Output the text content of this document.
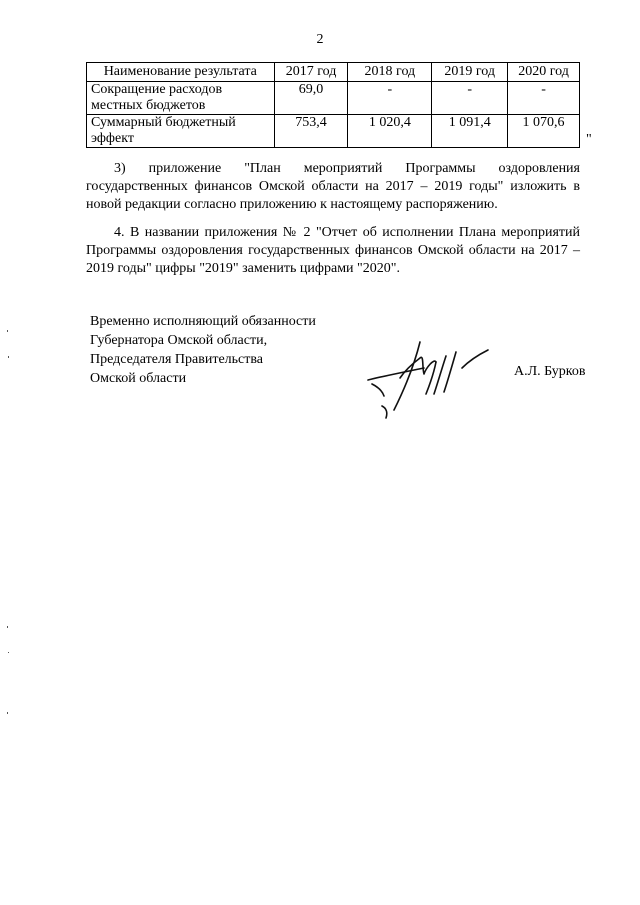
2
Наименование результата	2017 год	2018 год	2019 год	2020 год
Сокращение расходов местных бюджетов	69,0	-	-	-
Суммарный бюджетный эффект	753,4	1 020,4	1 091,4	1 070,6
"

3) приложение "План мероприятий Программы оздоровления государственных финансов Омской области на 2017 – 2019 годы" изложить в новой редакции согласно приложению к настоящему распоряжению.

4. В названии приложения № 2 "Отчет об исполнении Плана мероприятий Программы оздоровления государственных финансов Омской области на 2017 – 2019 годы" цифры "2019" заменить цифрами "2020".

Временно исполняющий обязанности
Губернатора Омской области,
Председателя Правительства
Омской области	А.Л. Бурков
